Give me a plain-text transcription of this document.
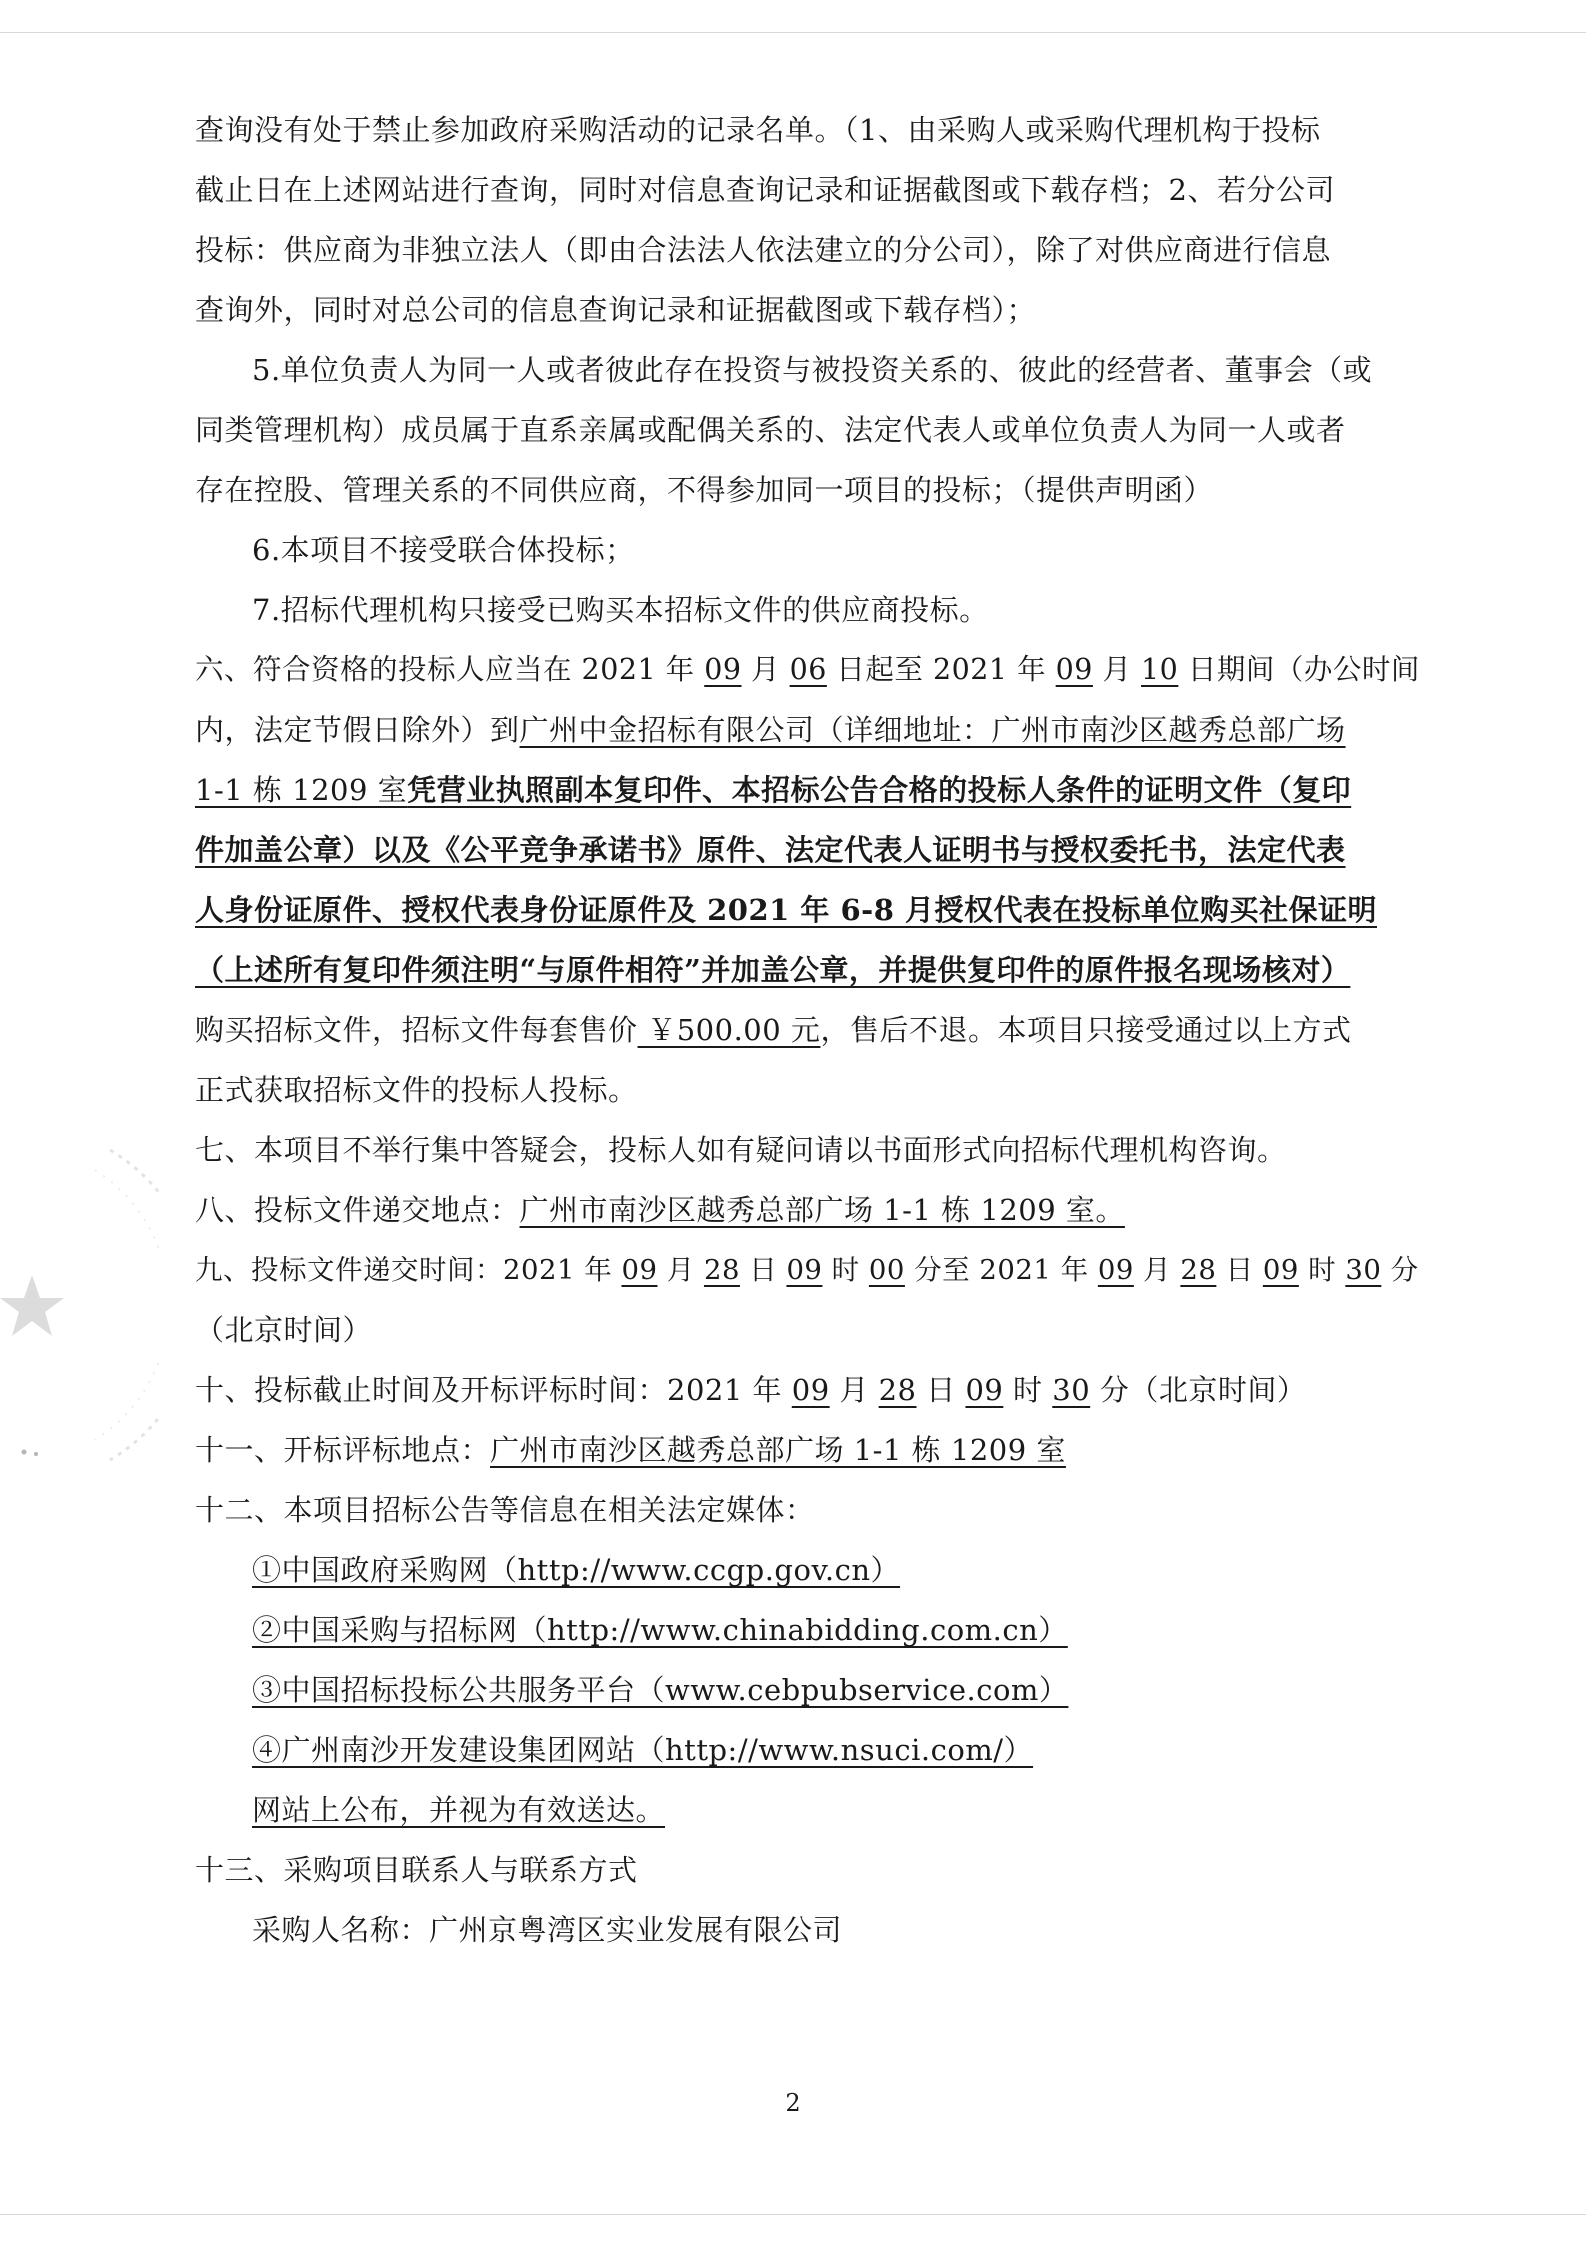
查询没有处于禁止参加政府采购活动的记录名单。（1、由采购人或采购代理机构于投标
截止日在上述网站进行查询，同时对信息查询记录和证据截图或下载存档；2、若分公司
投标：供应商为非独立法人（即由合法法人依法建立的分公司），除了对供应商进行信息
查询外，同时对总公司的信息查询记录和证据截图或下载存档）；
5.单位负责人为同一人或者彼此存在投资与被投资关系的、彼此的经营者、董事会（或
同类管理机构）成员属于直系亲属或配偶关系的、法定代表人或单位负责人为同一人或者
存在控股、管理关系的不同供应商，不得参加同一项目的投标；（提供声明函）
6.本项目不接受联合体投标；
7.招标代理机构只接受已购买本招标文件的供应商投标。
六、符合资格的投标人应当在 2021 年 09 月 06 日起至 2021 年 09 月 10 日期间（办公时间
内，法定节假日除外）到广州中金招标有限公司（详细地址：广州市南沙区越秀总部广场
1-1 栋 1209 室凭营业执照副本复印件、本招标公告合格的投标人条件的证明文件（复印
件加盖公章）以及《公平竞争承诺书》原件、法定代表人证明书与授权委托书，法定代表
人身份证原件、授权代表身份证原件及 2021 年 6-8 月授权代表在投标单位购买社保证明
（上述所有复印件须注明“与原件相符”并加盖公章，并提供复印件的原件报名现场核对）
购买招标文件，招标文件每套售价 ￥500.00 元，售后不退。本项目只接受通过以上方式
正式获取招标文件的投标人投标。
七、本项目不举行集中答疑会，投标人如有疑问请以书面形式向招标代理机构咨询。
八、投标文件递交地点：广州市南沙区越秀总部广场 1-1 栋 1209 室。
九、投标文件递交时间：2021 年 09 月 28 日 09 时 00 分至 2021 年 09 月 28 日 09 时 30 分
（北京时间）
十、投标截止时间及开标评标时间：2021 年 09 月 28 日 09 时 30 分（北京时间）
十一、开标评标地点：广州市南沙区越秀总部广场 1-1 栋 1209 室
十二、本项目招标公告等信息在相关法定媒体：
①中国政府采购网（http://www.ccgp.gov.cn）
②中国采购与招标网（http://www.chinabidding.com.cn）
③中国招标投标公共服务平台（www.cebpubservice.com）
④广州南沙开发建设集团网站（http://www.nsuci.com/）
网站上公布，并视为有效送达。
十三、采购项目联系人与联系方式
采购人名称：广州京粤湾区实业发展有限公司
2
